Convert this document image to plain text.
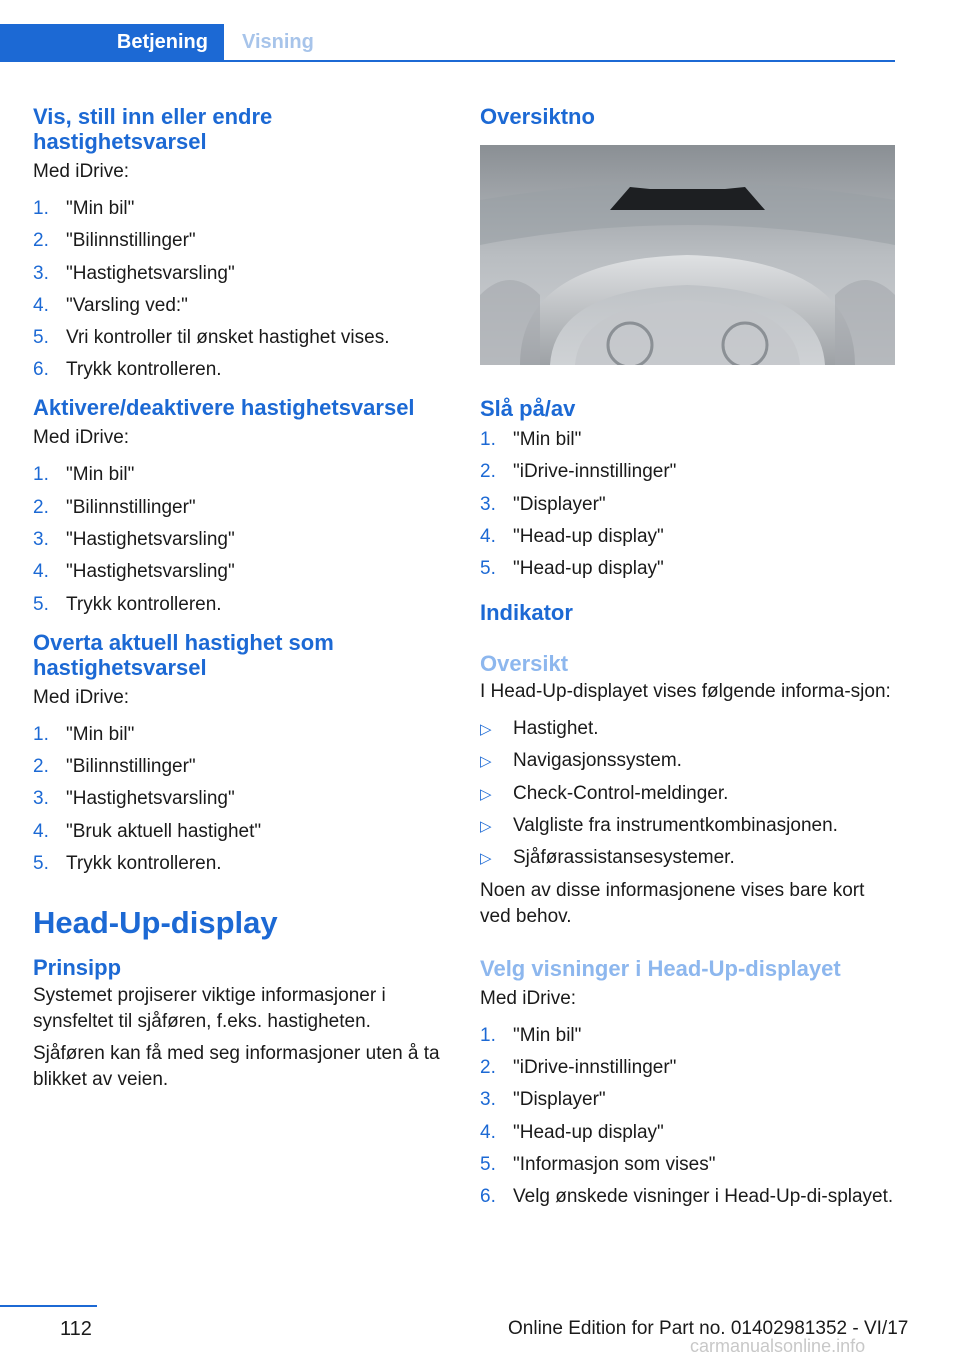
Betjening Visning
Vis, still inn eller endre hastighetsvarsel

Med iDrive:

1. "Min bil"
2. "Bilinnstillinger"
3. "Hastighetsvarsling"
4. "Varsling ved:"
5. Vri kontroller til ønsket hastighet vises.
6. Trykk kontrolleren.
Aktivere/deaktivere hastighetsvarsel

Med iDrive:

1. "Min bil"
2. "Bilinnstillinger"
3. "Hastighetsvarsling"
4. "Hastighetsvarsling"
5. Trykk kontrolleren.
Overta aktuell hastighet som hastighetsvarsel

Med iDrive:

1. "Min bil"
2. "Bilinnstillinger"
3. "Hastighetsvarsling"
4. "Bruk aktuell hastighet"
5. Trykk kontrolleren.
Head-Up-display
Prinsipp

Systemet projiserer viktige informasjoner i synsfeltet til sjåføren, f.eks. hastigheten.

Sjåføren kan få med seg informasjoner uten å ta blikket av veien.

Oversiktno
Slå på/av
1. "Min bil"
2. "iDrive-innstillinger"
3. "Displayer"
4. "Head-up display"
5. "Head-up display"
Indikator
Oversikt

I Head-Up-displayet vises følgende informa‐sjon:

▷ Hastighet.
▷ Navigasjonssystem.
▷ Check-Control-meldinger.
▷ Valgliste fra instrumentkombinasjonen.
▷ Sjåførassistansesystemer.

Noen av disse informasjonene vises bare kort ved behov.

Velg visninger i Head-Up-displayet

Med iDrive:

1. "Min bil"
2. "iDrive-innstillinger"
3. "Displayer"
4. "Head-up display"
5. "Informasjon som vises"
6. Velg ønskede visninger i Head-Up-di‐splayet.
112	Online Edition for Part no. 01402981352 - VI/17
carmanualsonline.info
